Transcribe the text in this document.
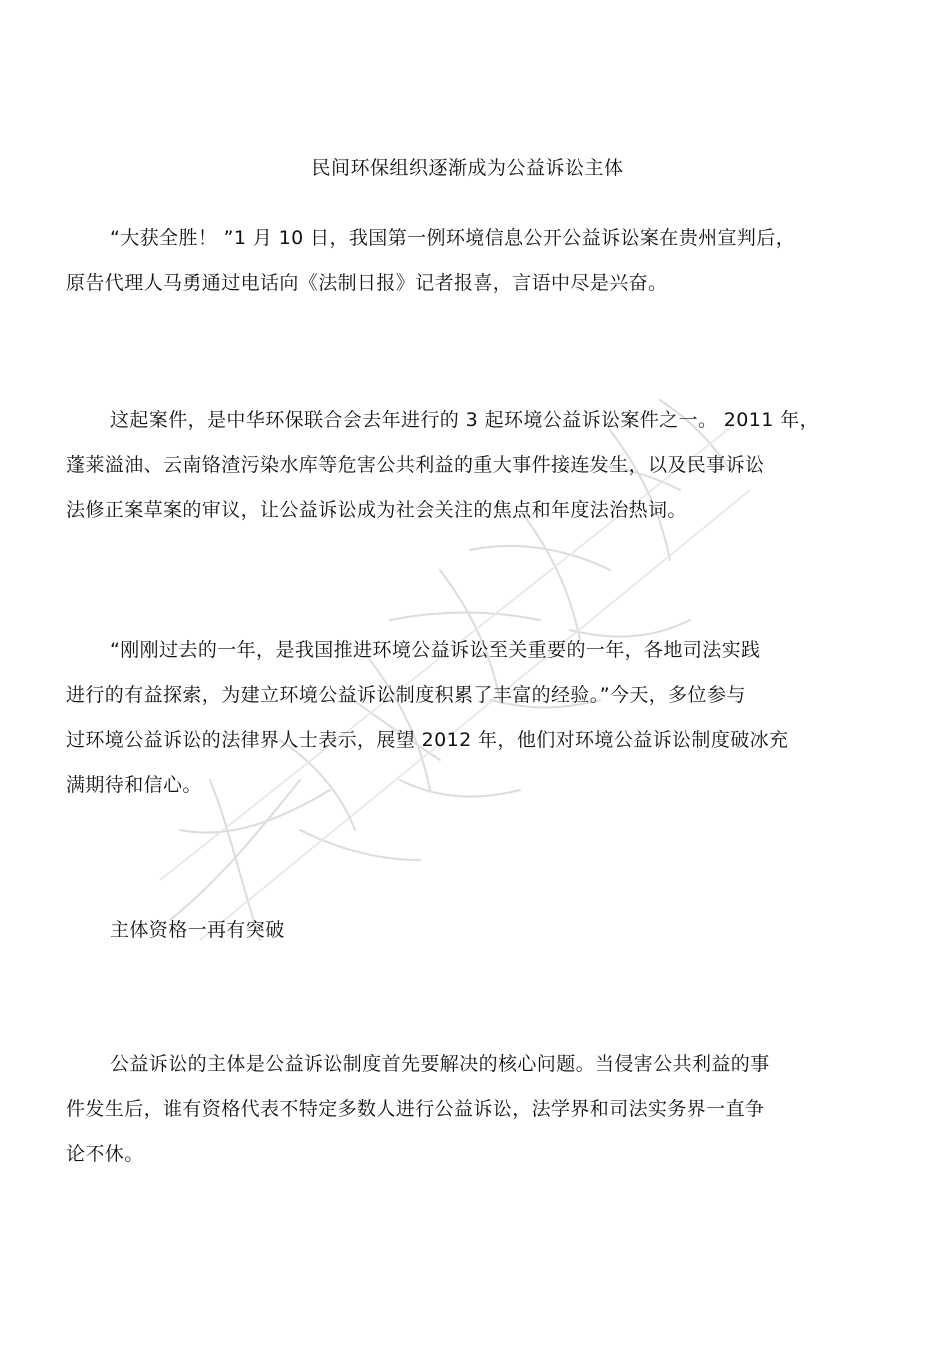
民间环保组织逐渐成为公益诉讼主体
“大获全胜！ ”1 月 10 日，我国第一例环境信息公开公益诉讼案在贵州宣判后，
原告代理人马勇通过电话向《法制日报》记者报喜，言语中尽是兴奋。
这起案件，是中华环保联合会去年进行的 3 起环境公益诉讼案件之一。 2011 年，
蓬莱溢油、云南铬渣污染水库等危害公共利益的重大事件接连发生，以及民事诉讼
法修正案草案的审议，让公益诉讼成为社会关注的焦点和年度法治热词。
“刚刚过去的一年，是我国推进环境公益诉讼至关重要的一年，各地司法实践
进行的有益探索，为建立环境公益诉讼制度积累了丰富的经验。”今天，多位参与
过环境公益诉讼的法律界人士表示，展望 2012 年，他们对环境公益诉讼制度破冰充
满期待和信心。
主体资格一再有突破
公益诉讼的主体是公益诉讼制度首先要解决的核心问题。当侵害公共利益的事
件发生后，谁有资格代表不特定多数人进行公益诉讼，法学界和司法实务界一直争
论不休。
